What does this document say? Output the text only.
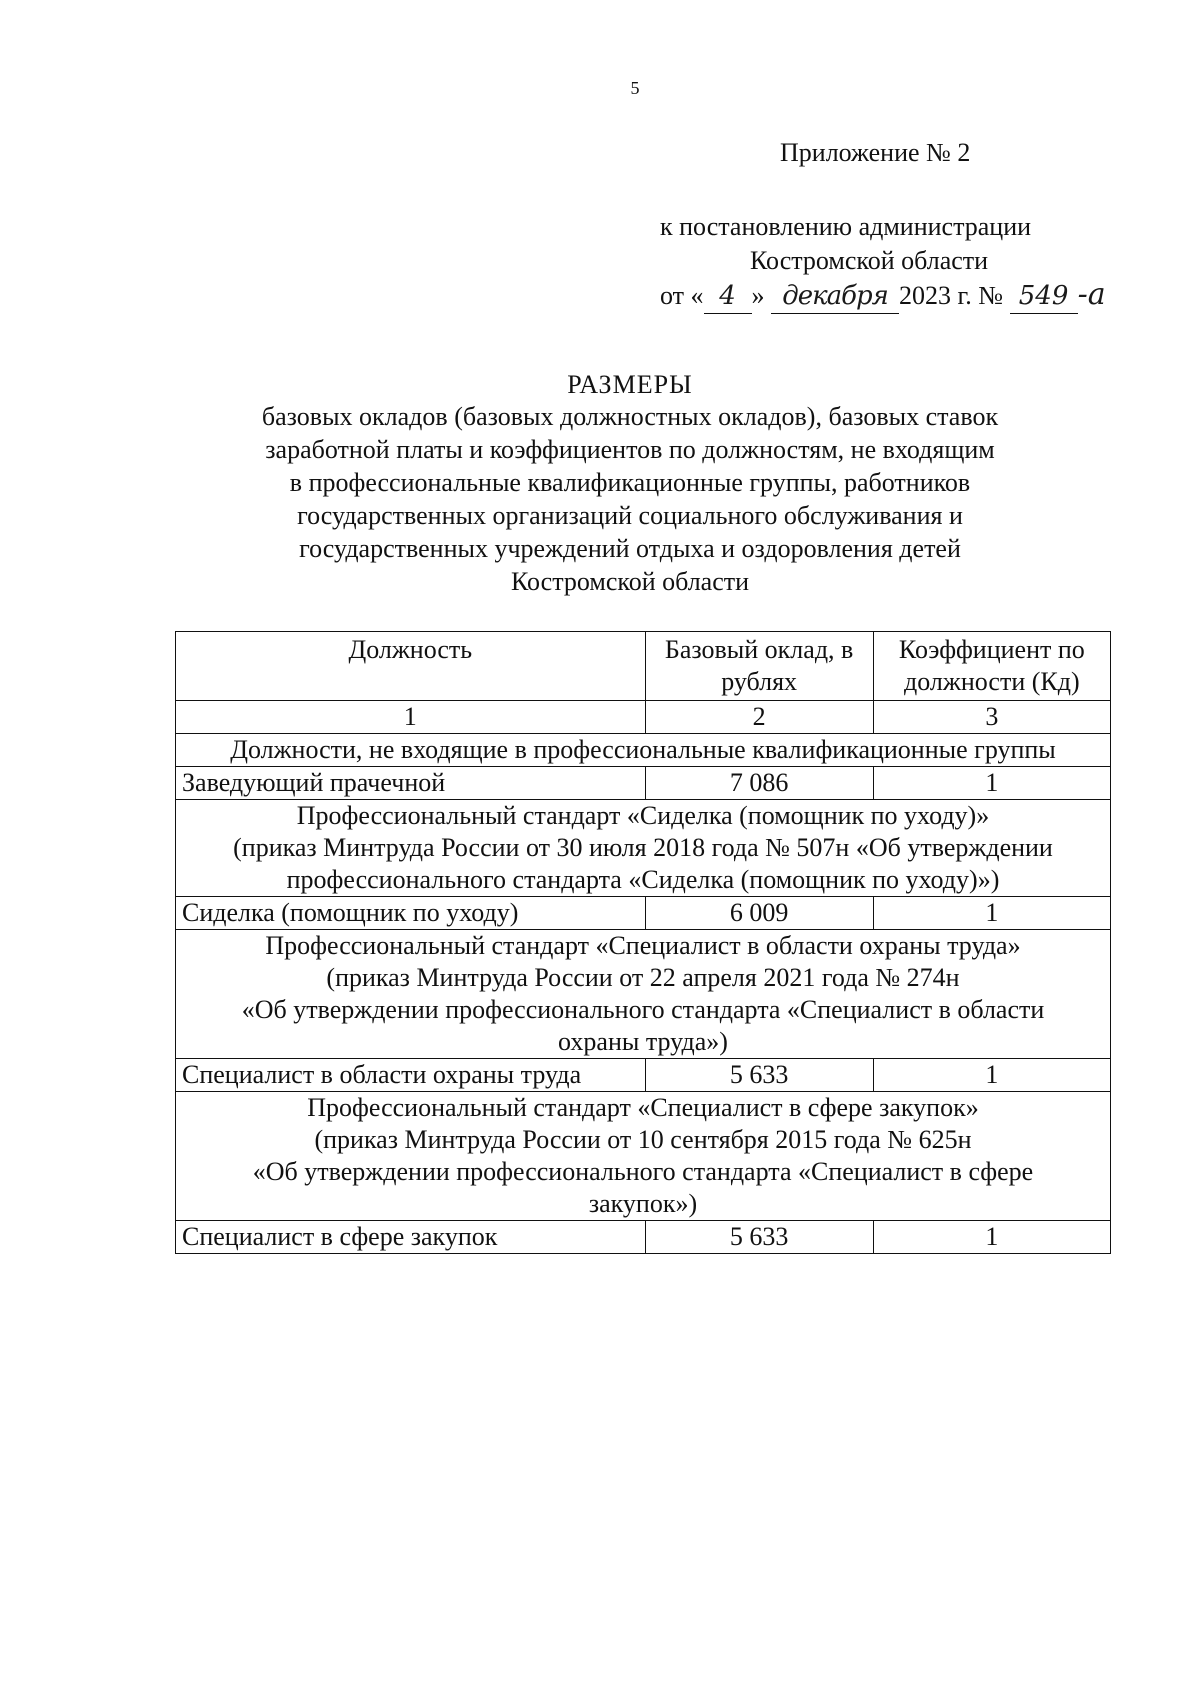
5
Приложение № 2
к постановлению администрации
Костромской области
от « 4 » декабря 2023 г. № 549 -а
РАЗМЕРЫ
базовых окладов (базовых должностных окладов), базовых ставок
заработной платы и коэффициентов по должностям, не входящим
в профессиональные квалификационные группы, работников
государственных организаций социального обслуживания и
государственных учреждений отдыха и оздоровления детей
Костромской области
Должность	Базовый оклад, в рублях	Коэффициент по должности (Кд)
1	2	3

Должности, не входящие в профессиональные квалификационные группы		

Заведующий прачечной	7 086	1

Профессиональный стандарт «Сиделка (помощник по уходу)»
(приказ Минтруда России от 30 июля 2018 года № 507н «Об утверждении
профессионального стандарта «Сиделка (помощник по уходу)»)		

Сиделка (помощник по уходу)	6 009	1

Профессиональный стандарт «Специалист в области охраны труда»
(приказ Минтруда России от 22 апреля 2021 года № 274н
«Об утверждении профессионального стандарта «Специалист в области
охраны труда»)		

Специалист в области охраны труда	5 633	1

Профессиональный стандарт «Специалист в сфере закупок»
(приказ Минтруда России от 10 сентября 2015 года № 625н
«Об утверждении профессионального стандарта «Специалист в сфере
закупок»)		

Специалист в сфере закупок	5 633	1
